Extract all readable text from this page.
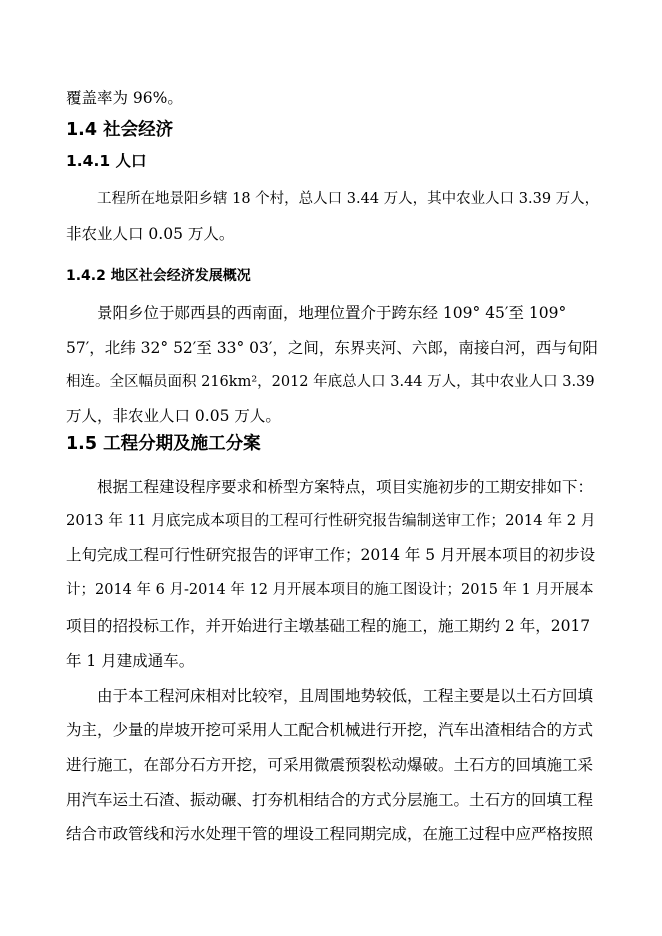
覆盖率为 96%。
1.4 社会经济
1.4.1 人口
工程所在地景阳乡辖 18 个村，总人口 3.44 万人，其中农业人口 3.39 万人，
非农业人口 0.05 万人。
1.4.2 地区社会经济发展概况
景阳乡位于郧西县的西南面，地理位置介于跨东经 109° 45′至 109°
57′，北纬 32° 52′至 33° 03′，之间，东界夹河、六郎，南接白河，西与旬阳
相连。全区幅员面积 216km²，2012 年底总人口 3.44 万人，其中农业人口 3.39
万人，非农业人口 0.05 万人。
1.5 工程分期及施工分案
根据工程建设程序要求和桥型方案特点，项目实施初步的工期安排如下：
2013 年 11 月底完成本项目的工程可行性研究报告编制送审工作；2014 年 2 月
上旬完成工程可行性研究报告的评审工作；2014 年 5 月开展本项目的初步设
计；2014 年 6 月-2014 年 12 月开展本项目的施工图设计；2015 年 1 月开展本
项目的招投标工作，并开始进行主墩基础工程的施工，施工期约 2 年，2017
年 1 月建成通车。
由于本工程河床相对比较窄，且周围地势较低，工程主要是以土石方回填
为主，少量的岸坡开挖可采用人工配合机械进行开挖，汽车出渣相结合的方式
进行施工，在部分石方开挖，可采用微震预裂松动爆破。土石方的回填施工采
用汽车运土石渣、振动碾、打夯机相结合的方式分层施工。土石方的回填工程
结合市政管线和污水处理干管的埋设工程同期完成，在施工过程中应严格按照
